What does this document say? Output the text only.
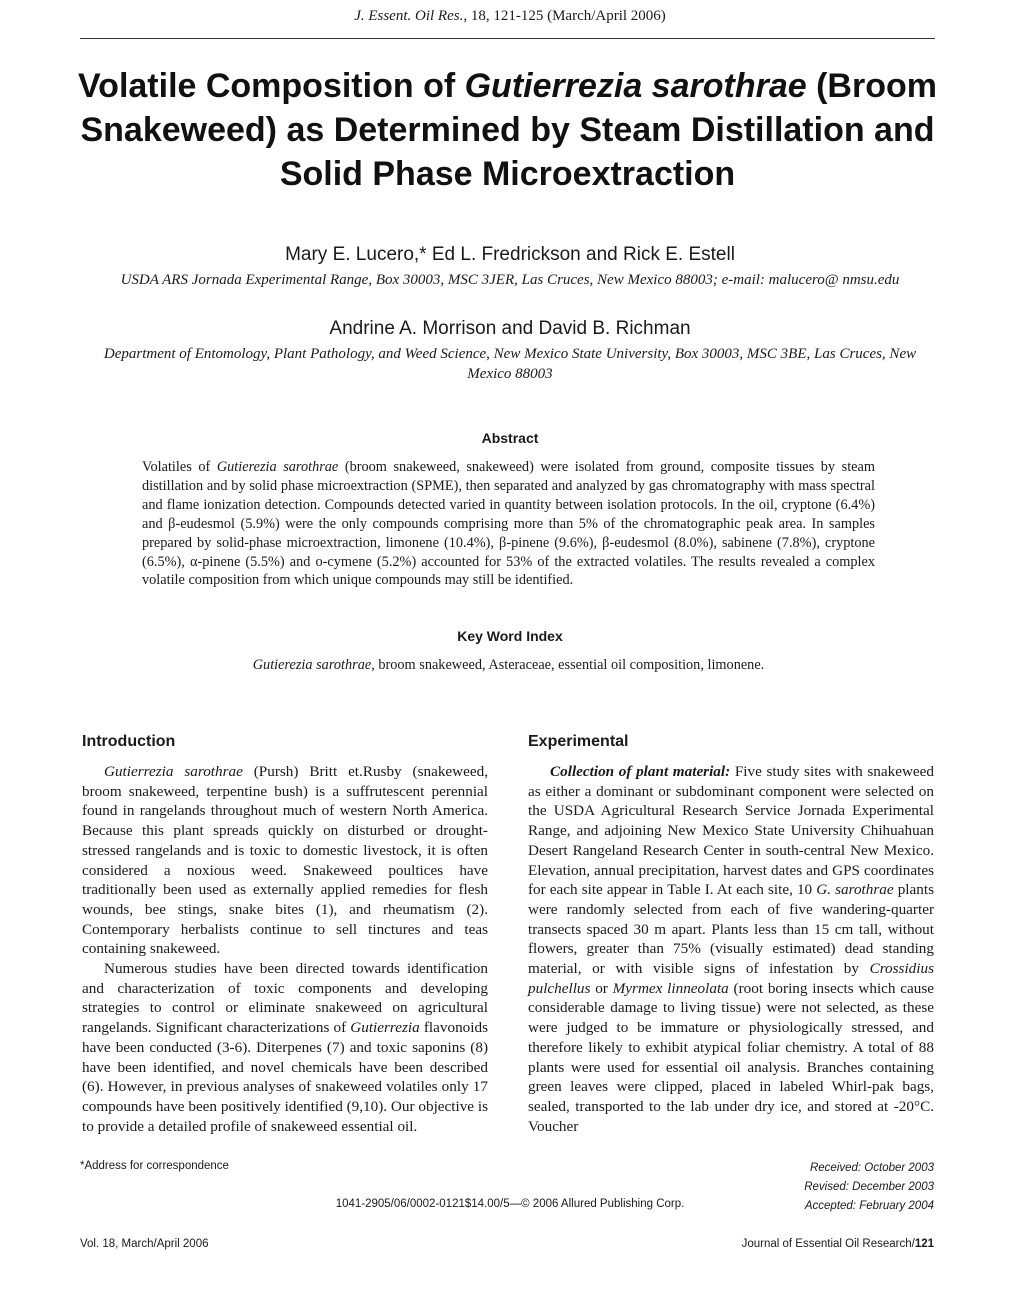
J. Essent. Oil Res., 18, 121-125 (March/April 2006)
Volatile Composition of Gutierrezia sarothrae (Broom Snakeweed) as Determined by Steam Distillation and Solid Phase Microextraction
Mary E. Lucero,* Ed L. Fredrickson and Rick E. Estell
USDA ARS Jornada Experimental Range, Box 30003, MSC 3JER, Las Cruces, New Mexico 88003; e-mail: malucero@ nmsu.edu
Andrine A. Morrison and David B. Richman
Department of Entomology, Plant Pathology, and Weed Science, New Mexico State University, Box 30003, MSC 3BE, Las Cruces, New Mexico 88003
Abstract
Volatiles of Gutierezia sarothrae (broom snakeweed, snakeweed) were isolated from ground, composite tissues by steam distillation and by solid phase microextraction (SPME), then separated and analyzed by gas chromatography with mass spectral and flame ionization detection. Compounds detected varied in quantity between isolation protocols. In the oil, cryptone (6.4%) and β-eudesmol (5.9%) were the only compounds comprising more than 5% of the chromatographic peak area. In samples prepared by solid-phase microextraction, limonene (10.4%), β-pinene (9.6%), β-eudesmol (8.0%), sabinene (7.8%), cryptone (6.5%), α-pinene (5.5%) and o-cymene (5.2%) accounted for 53% of the extracted volatiles. The results revealed a complex volatile composition from which unique compounds may still be identified.
Key Word Index
Gutierezia sarothrae, broom snakeweed, Asteraceae, essential oil composition, limonene.
Introduction

Gutierrezia sarothrae (Pursh) Britt et.Rusby (snakeweed, broom snakeweed, terpentine bush) is a suffrutescent perennial found in rangelands throughout much of western North America. Because this plant spreads quickly on disturbed or drought-stressed rangelands and is toxic to domestic livestock, it is often considered a noxious weed. Snakeweed poultices have traditionally been used as externally applied remedies for flesh wounds, bee stings, snake bites (1), and rheumatism (2). Contemporary herbalists continue to sell tinctures and teas containing snakeweed.

Numerous studies have been directed towards identification and characterization of toxic components and developing strategies to control or eliminate snakeweed on agricultural rangelands. Significant characterizations of Gutierrezia flavonoids have been conducted (3-6). Diterpenes (7) and toxic saponins (8) have been identified, and novel chemicals have been described (6). However, in previous analyses of snakeweed volatiles only 17 compounds have been positively identified (9,10). Our objective is to provide a detailed profile of snakeweed essential oil.

Experimental

Collection of plant material: Five study sites with snakeweed as either a dominant or subdominant component were selected on the USDA Agricultural Research Service Jornada Experimental Range, and adjoining New Mexico State University Chihuahuan Desert Rangeland Research Center in south-central New Mexico. Elevation, annual precipitation, harvest dates and GPS coordinates for each site appear in Table I. At each site, 10 G. sarothrae plants were randomly selected from each of five wandering-quarter transects spaced 30 m apart. Plants less than 15 cm tall, without flowers, greater than 75% (visually estimated) dead standing material, or with visible signs of infestation by Crossidius pulchellus or Myrmex linneolata (root boring insects which cause considerable damage to living tissue) were not selected, as these were judged to be immature or physiologically stressed, and therefore likely to exhibit atypical foliar chemistry. A total of 88 plants were used for essential oil analysis. Branches containing green leaves were clipped, placed in labeled Whirl-pak bags, sealed, transported to the lab under dry ice, and stored at -20°C. Voucher

*Address for correspondence	Received: October 2003
Revised: December 2003
Accepted: February 2004
1041-2905/06/0002-0121$14.00/5—© 2006 Allured Publishing Corp.
Vol. 18, March/April 2006	Journal of Essential Oil Research/121
